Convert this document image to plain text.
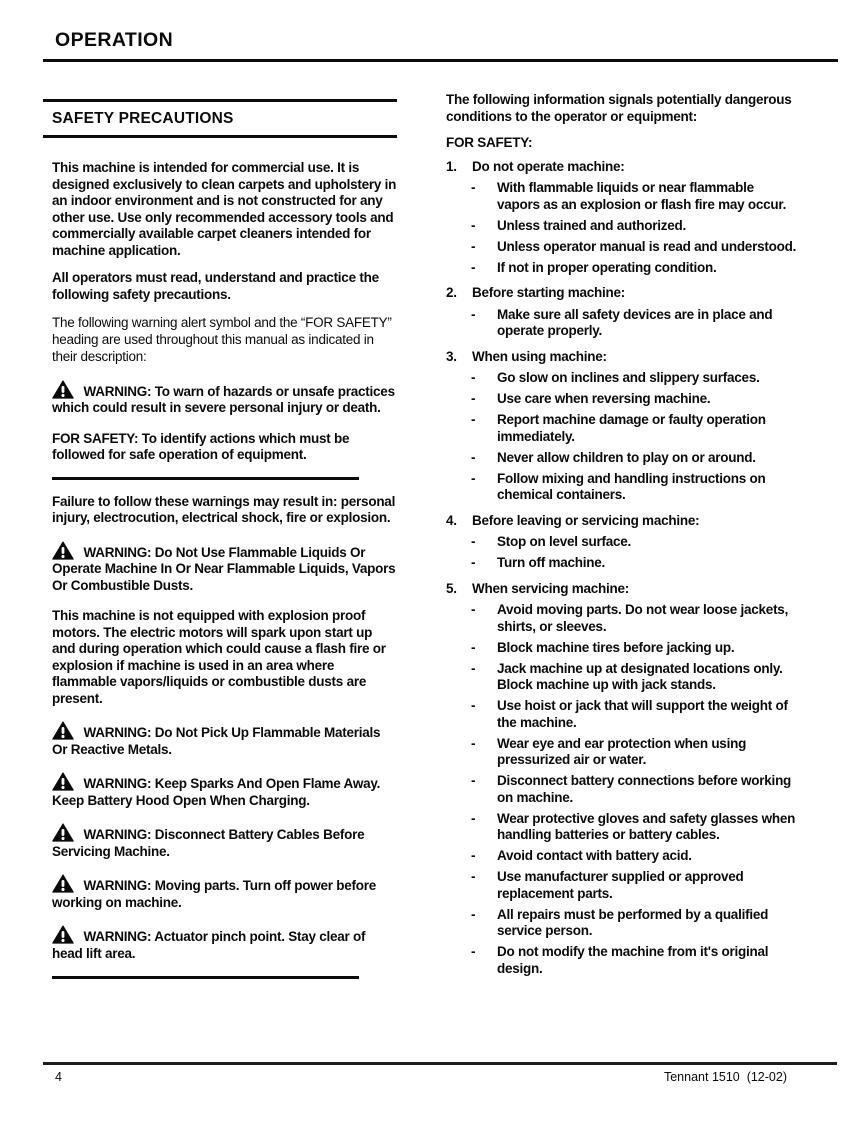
OPERATION
SAFETY PRECAUTIONS

This machine is intended for commercial use. It is designed exclusively to clean carpets and upholstery in an indoor environment and is not constructed for any other use. Use only recommended accessory tools and commercially available carpet cleaners intended for machine application.

All operators must read, understand and practice the following safety precautions.

The following warning alert symbol and the “FOR SAFETY” heading are used throughout this manual as indicated in their description:

WARNING: To warn of hazards or unsafe practices which could result in severe personal injury or death.

FOR SAFETY: To identify actions which must be followed for safe operation of equipment.

Failure to follow these warnings may result in: personal injury, electrocution, electrical shock, fire or explosion.

WARNING: Do Not Use Flammable Liquids Or Operate Machine In Or Near Flammable Liquids, Vapors Or Combustible Dusts.

This machine is not equipped with explosion proof motors. The electric motors will spark upon start up and during operation which could cause a flash fire or explosion if machine is used in an area where flammable vapors/liquids or combustible dusts are present.

WARNING: Do Not Pick Up Flammable Materials Or Reactive Metals.

WARNING: Keep Sparks And Open Flame Away. Keep Battery Hood Open When Charging.

WARNING: Disconnect Battery Cables Before Servicing Machine.

WARNING: Moving parts. Turn off power before working on machine.

WARNING: Actuator pinch point. Stay clear of head lift area.

The following information signals potentially dangerous conditions to the operator or equipment:

FOR SAFETY:

1.	Do not operate machine:
-	With flammable liquids or near flammable vapors as an explosion or flash fire may occur.
-	Unless trained and authorized.
-	Unless operator manual is read and understood.
-	If not in proper operating condition.
2.	Before starting machine:
-	Make sure all safety devices are in place and operate properly.
3.	When using machine:
-	Go slow on inclines and slippery surfaces.
-	Use care when reversing machine.
-	Report machine damage or faulty operation immediately.
-	Never allow children to play on or around.
-	Follow mixing and handling instructions on chemical containers.
4.	Before leaving or servicing machine:
-	Stop on level surface.
-	Turn off machine.
5.	When servicing machine:
-	Avoid moving parts. Do not wear loose jackets, shirts, or sleeves.
-	Block machine tires before jacking up.
-	Jack machine up at designated locations only. Block machine up with jack stands.
-	Use hoist or jack that will support the weight of the machine.
-	Wear eye and ear protection when using pressurized air or water.
-	Disconnect battery connections before working on machine.
-	Wear protective gloves and safety glasses when handling batteries or battery cables.
-	Avoid contact with battery acid.
-	Use manufacturer supplied or approved replacement parts.
-	All repairs must be performed by a qualified service person.
-	Do not modify the machine from it's original design.
4	Tennant 1510  (12-02)
